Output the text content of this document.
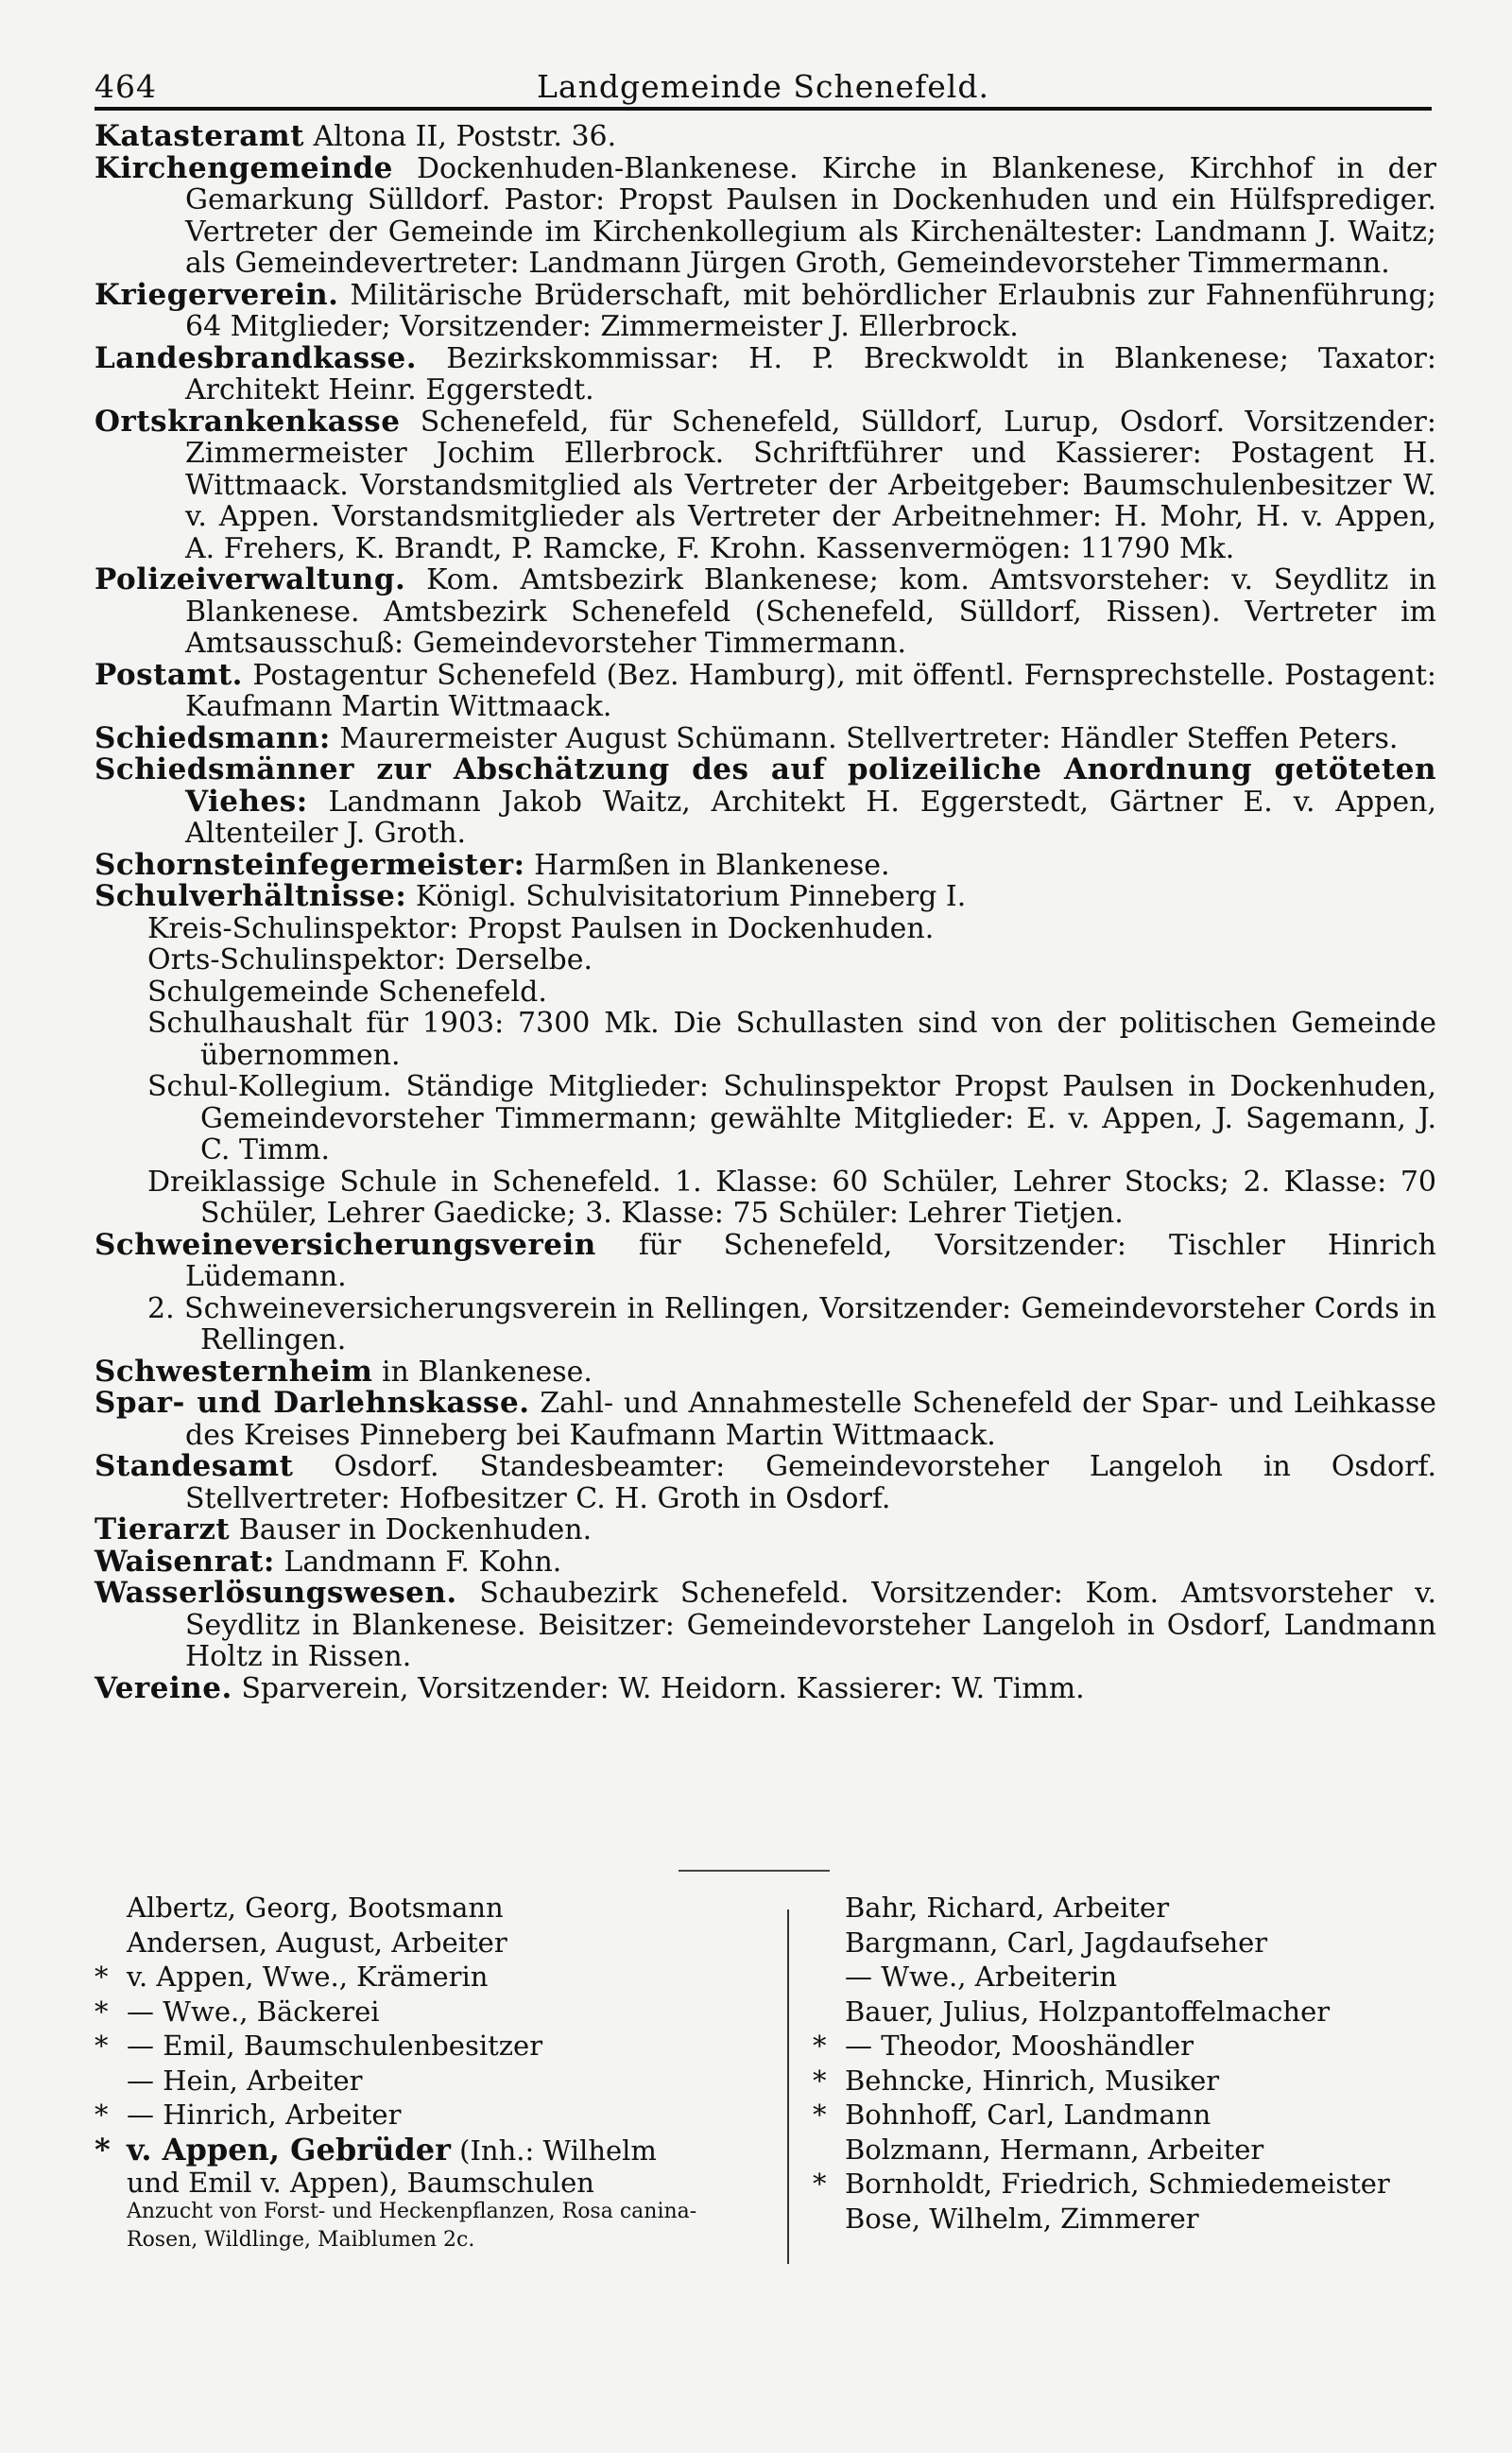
464	Landgemeinde Schenefeld.

Katasteramt Altona II, Poststr. 36.

Kirchengemeinde Dockenhuden-Blankenese. Kirche in Blankenese, Kirchhof in der Gemarkung Sülldorf. Pastor: Propst Paulsen in Dockenhuden und ein Hülfsprediger. Vertreter der Gemeinde im Kirchenkollegium als Kirchenältester: Landmann J. Waitz; als Gemeindevertreter: Landmann Jürgen Groth, Gemeindevorsteher Timmermann.

Kriegerverein. Militärische Brüderschaft, mit behördlicher Erlaubnis zur Fahnenführung; 64 Mitglieder; Vorsitzender: Zimmermeister J. Ellerbrock.

Landesbrandkasse. Bezirkskommissar: H. P. Breckwoldt in Blankenese; Taxator: Architekt Heinr. Eggerstedt.

Ortskrankenkasse Schenefeld, für Schenefeld, Sülldorf, Lurup, Osdorf. Vorsitzender: Zimmermeister Jochim Ellerbrock. Schriftführer und Kassierer: Postagent H. Wittmaack. Vorstandsmitglied als Vertreter der Arbeitgeber: Baumschulenbesitzer W. v. Appen. Vorstandsmitglieder als Vertreter der Arbeitnehmer: H. Mohr, H. v. Appen, A. Frehers, K. Brandt, P. Ramcke, F. Krohn. Kassenvermögen: 11790 Mk.

Polizeiverwaltung. Kom. Amtsbezirk Blankenese; kom. Amtsvorsteher: v. Seydlitz in Blankenese. Amtsbezirk Schenefeld (Schenefeld, Sülldorf, Rissen). Vertreter im Amtsausschuß: Gemeindevorsteher Timmermann.

Postamt. Postagentur Schenefeld (Bez. Hamburg), mit öffentl. Fernsprechstelle. Postagent: Kaufmann Martin Wittmaack.

Schiedsmann: Maurermeister August Schümann. Stellvertreter: Händler Steffen Peters.

Schiedsmänner zur Abschätzung des auf polizeiliche Anordnung getöteten Viehes: Landmann Jakob Waitz, Architekt H. Eggerstedt, Gärtner E. v. Appen, Altenteiler J. Groth.

Schornsteinfegermeister: Harmßen in Blankenese.

Schulverhältnisse: Königl. Schulvisitatorium Pinneberg I.

Kreis-Schulinspektor: Propst Paulsen in Dockenhuden.

Orts-Schulinspektor: Derselbe.

Schulgemeinde Schenefeld.

Schulhaushalt für 1903: 7300 Mk. Die Schullasten sind von der politischen Gemeinde übernommen.

Schul-Kollegium. Ständige Mitglieder: Schulinspektor Propst Paulsen in Dockenhuden, Gemeindevorsteher Timmermann; gewählte Mitglieder: E. v. Appen, J. Sagemann, J. C. Timm.

Dreiklassige Schule in Schenefeld. 1. Klasse: 60 Schüler, Lehrer Stocks; 2. Klasse: 70 Schüler, Lehrer Gaedicke; 3. Klasse: 75 Schüler: Lehrer Tietjen.

Schweineversicherungsverein für Schenefeld, Vorsitzender: Tischler Hinrich Lüdemann.

2. Schweineversicherungsverein in Rellingen, Vorsitzender: Gemeindevorsteher Cords in Rellingen.

Schwesternheim in Blankenese.

Spar- und Darlehnskasse. Zahl- und Annahmestelle Schenefeld der Spar- und Leihkasse des Kreises Pinneberg bei Kaufmann Martin Wittmaack.

Standesamt Osdorf. Standesbeamter: Gemeindevorsteher Langeloh in Osdorf. Stellvertreter: Hofbesitzer C. H. Groth in Osdorf.

Tierarzt Bauser in Dockenhuden.

Waisenrat: Landmann F. Kohn.

Wasserlösungswesen. Schaubezirk Schenefeld. Vorsitzender: Kom. Amtsvorsteher v. Seydlitz in Blankenese. Beisitzer: Gemeindevorsteher Langeloh in Osdorf, Landmann Holtz in Rissen.

Vereine. Sparverein, Vorsitzender: W. Heidorn. Kassierer: W. Timm.

Albertz, Georg, Bootsmann

Andersen, August, Arbeiter

* v. Appen, Wwe., Krämerin

* — Wwe., Bäckerei

* — Emil, Baumschulenbesitzer

— Hein, Arbeiter

* — Hinrich, Arbeiter

* v. Appen, Gebrüder (Inh.: Wilhelm

und Emil v. Appen), Baumschulen

Anzucht von Forst- und Heckenpflanzen, Rosa canina-Rosen, Wildlinge, Maiblumen 2c.

Bahr, Richard, Arbeiter

Bargmann, Carl, Jagdaufseher

— Wwe., Arbeiterin

Bauer, Julius, Holzpantoffelmacher

* — Theodor, Mooshändler

* Behncke, Hinrich, Musiker

* Bohnhoff, Carl, Landmann

Bolzmann, Hermann, Arbeiter

* Bornholdt, Friedrich, Schmiedemeister

Bose, Wilhelm, Zimmerer
